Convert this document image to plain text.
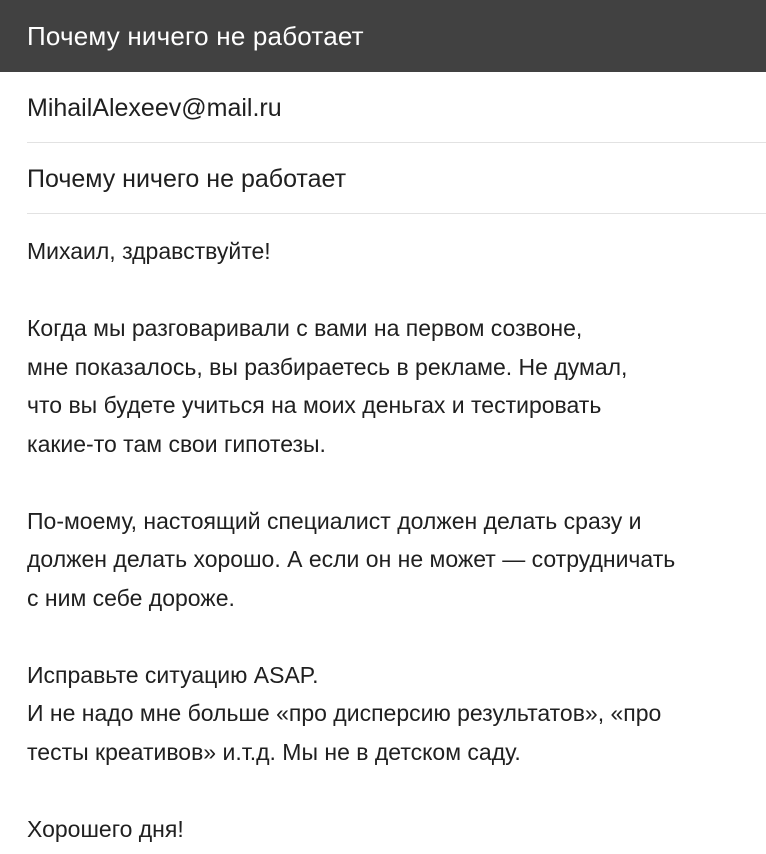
Почему ничего не работает
MihailAlexeev@mail.ru
Почему ничего не работает

Михаил, здравствуйте!

Когда мы разговаривали с вами на первом созвоне,
мне показалось, вы разбираетесь в рекламе. Не думал,
что вы будете учиться на моих деньгах и тестировать
какие-то там свои гипотезы.

По-моему, настоящий специалист должен делать сразу и
должен делать хорошо. А если он не может — сотрудничать
с ним себе дороже.

Исправьте ситуацию ASAP.
И не надо мне больше «про дисперсию результатов», «про
тесты креативов» и.т.д. Мы не в детском саду.

Хорошего дня!
